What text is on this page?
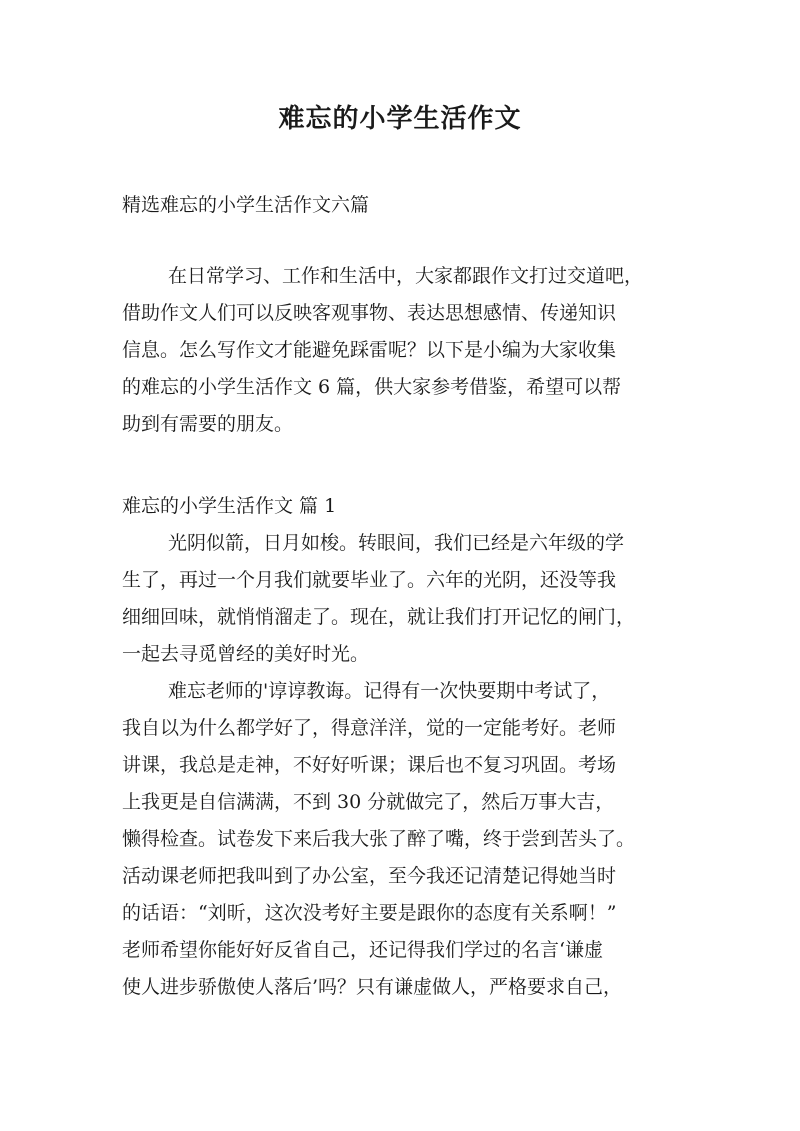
难忘的小学生活作文

精选难忘的小学生活作文六篇

在日常学习、工作和生活中，大家都跟作文打过交道吧，
借助作文人们可以反映客观事物、表达思想感情、传递知识
信息。怎么写作文才能避免踩雷呢？以下是小编为大家收集
的难忘的小学生活作文 6 篇，供大家参考借鉴，希望可以帮
助到有需要的朋友。

难忘的小学生活作文 篇 1

光阴似箭，日月如梭。转眼间，我们已经是六年级的学
生了，再过一个月我们就要毕业了。六年的光阴，还没等我
细细回味，就悄悄溜走了。现在，就让我们打开记忆的闸门，
一起去寻觅曾经的美好时光。
难忘老师的'谆谆教诲。记得有一次快要期中考试了，
我自以为什么都学好了，得意洋洋，觉的一定能考好。老师
讲课，我总是走神，不好好听课；课后也不复习巩固。考场
上我更是自信满满，不到 30 分就做完了，然后万事大吉，
懒得检查。试卷发下来后我大张了醉了嘴，终于尝到苦头了。
活动课老师把我叫到了办公室，至今我还记清楚记得她当时
的话语：“刘昕，这次没考好主要是跟你的态度有关系啊！”
老师希望你能好好反省自己，还记得我们学过的名言‘谦虚
使人进步骄傲使人落后’吗？只有谦虚做人，严格要求自己，
